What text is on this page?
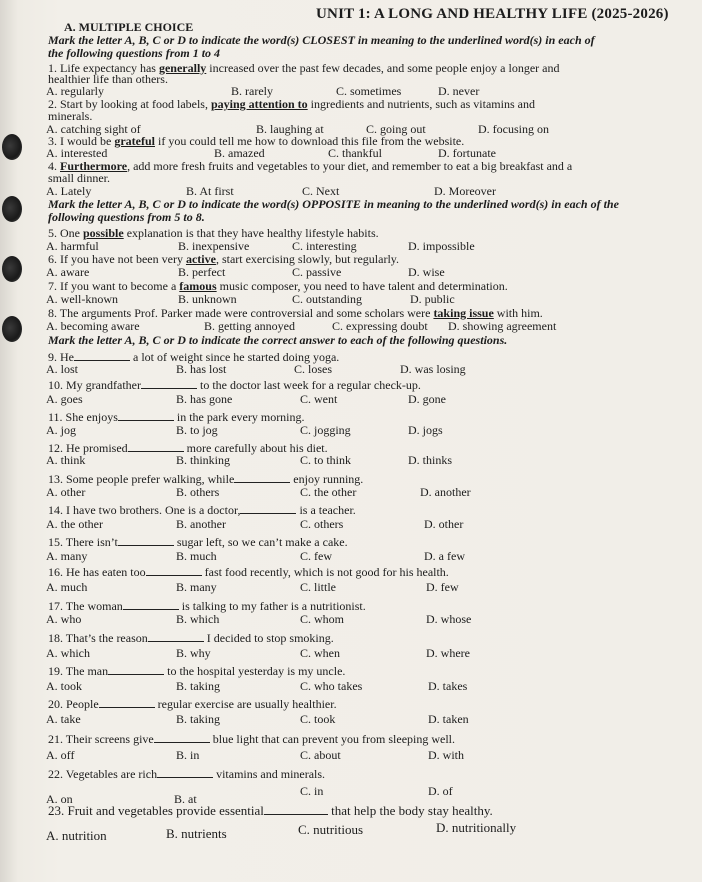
UNIT 1: A LONG AND HEALTHY LIFE (2025-2026)
A. MULTIPLE CHOICE
Mark the letter A, B, C or D to indicate the word(s) CLOSEST in meaning to the underlined word(s) in each of the following questions from 1 to 4
1. Life expectancy has generally increased over the past few decades, and some people enjoy a longer and
healthier life than others.
A. regularly	B. rarely	C. sometimes	D. never
2. Start by looking at food labels, paying attention to ingredients and nutrients, such as vitamins and
minerals.
A. catching sight of	B. laughing at	C. going out	D. focusing on
3. I would be grateful if you could tell me how to download this file from the website.
A. interested	B. amazed	C. thankful	D. fortunate
4. Furthermore, add more fresh fruits and vegetables to your diet, and remember to eat a big breakfast and a
small dinner.
A. Lately	B. At first	C. Next	D. Moreover
Mark the letter A, B, C or D to indicate the word(s) OPPOSITE in meaning to the underlined word(s) in each of the following questions from 5 to 8.
5. One possible explanation is that they have healthy lifestyle habits.
A. harmful	B. inexpensive	C. interesting	D. impossible
6. If you have not been very active, start exercising slowly, but regularly.
A. aware	B. perfect	C. passive	D. wise
7. If you want to become a famous music composer, you need to have talent and determination.
A. well-known	B. unknown	C. outstanding	D. public
8. The arguments Prof. Parker made were controversial and some scholars were taking issue with him.
A. becoming aware	B. getting annoyed	C. expressing doubt D. showing agreement
Mark the letter A, B, C or D to indicate the correct answer to each of the following questions.
9. He	a lot of weight since he started doing yoga.
A. lost	B. has lost	C. loses	D. was losing
10. My grandfather	to the doctor last week for a regular check-up.
A. goes	B. has gone	C. went	D. gone
11. She enjoys	in the park every morning.
A. jog	B. to jog	C. jogging	D. jogs
12. He promised	more carefully about his diet.
A. think	B. thinking	C. to think	D. thinks
13. Some people prefer walking, while	enjoy running.
A. other	B. others	C. the other	D. another
14. I have two brothers. One is a doctor,	is a teacher.
A. the other	B. another	C. others	D. other
15. There isn’t	sugar left, so we can’t make a cake.
A. many	B. much	C. few	D. a few
16. He has eaten too	fast food recently, which is not good for his health.
A. much	B. many	C. little	D. few
17. The woman	is talking to my father is a nutritionist.
A. who	B. which	C. whom	D. whose
18. That’s the reason	I decided to stop smoking.
A. which	B. why	C. when	D. where
19. The man	to the hospital yesterday is my uncle.
A. took	B. taking	C. who takes	D. takes
20. People	regular exercise are usually healthier.
A. take	B. taking	C. took	D. taken
21. Their screens give	blue light that can prevent you from sleeping well.
A. off	B. in	C. about	D. with
22. Vegetables are rich	vitamins and minerals.
A. on	B. at
C. in	D. of
23. Fruit and vegetables provide essential	that help the body stay healthy.
A. nutrition	B. nutrients	C. nutritious	D. nutritionally
